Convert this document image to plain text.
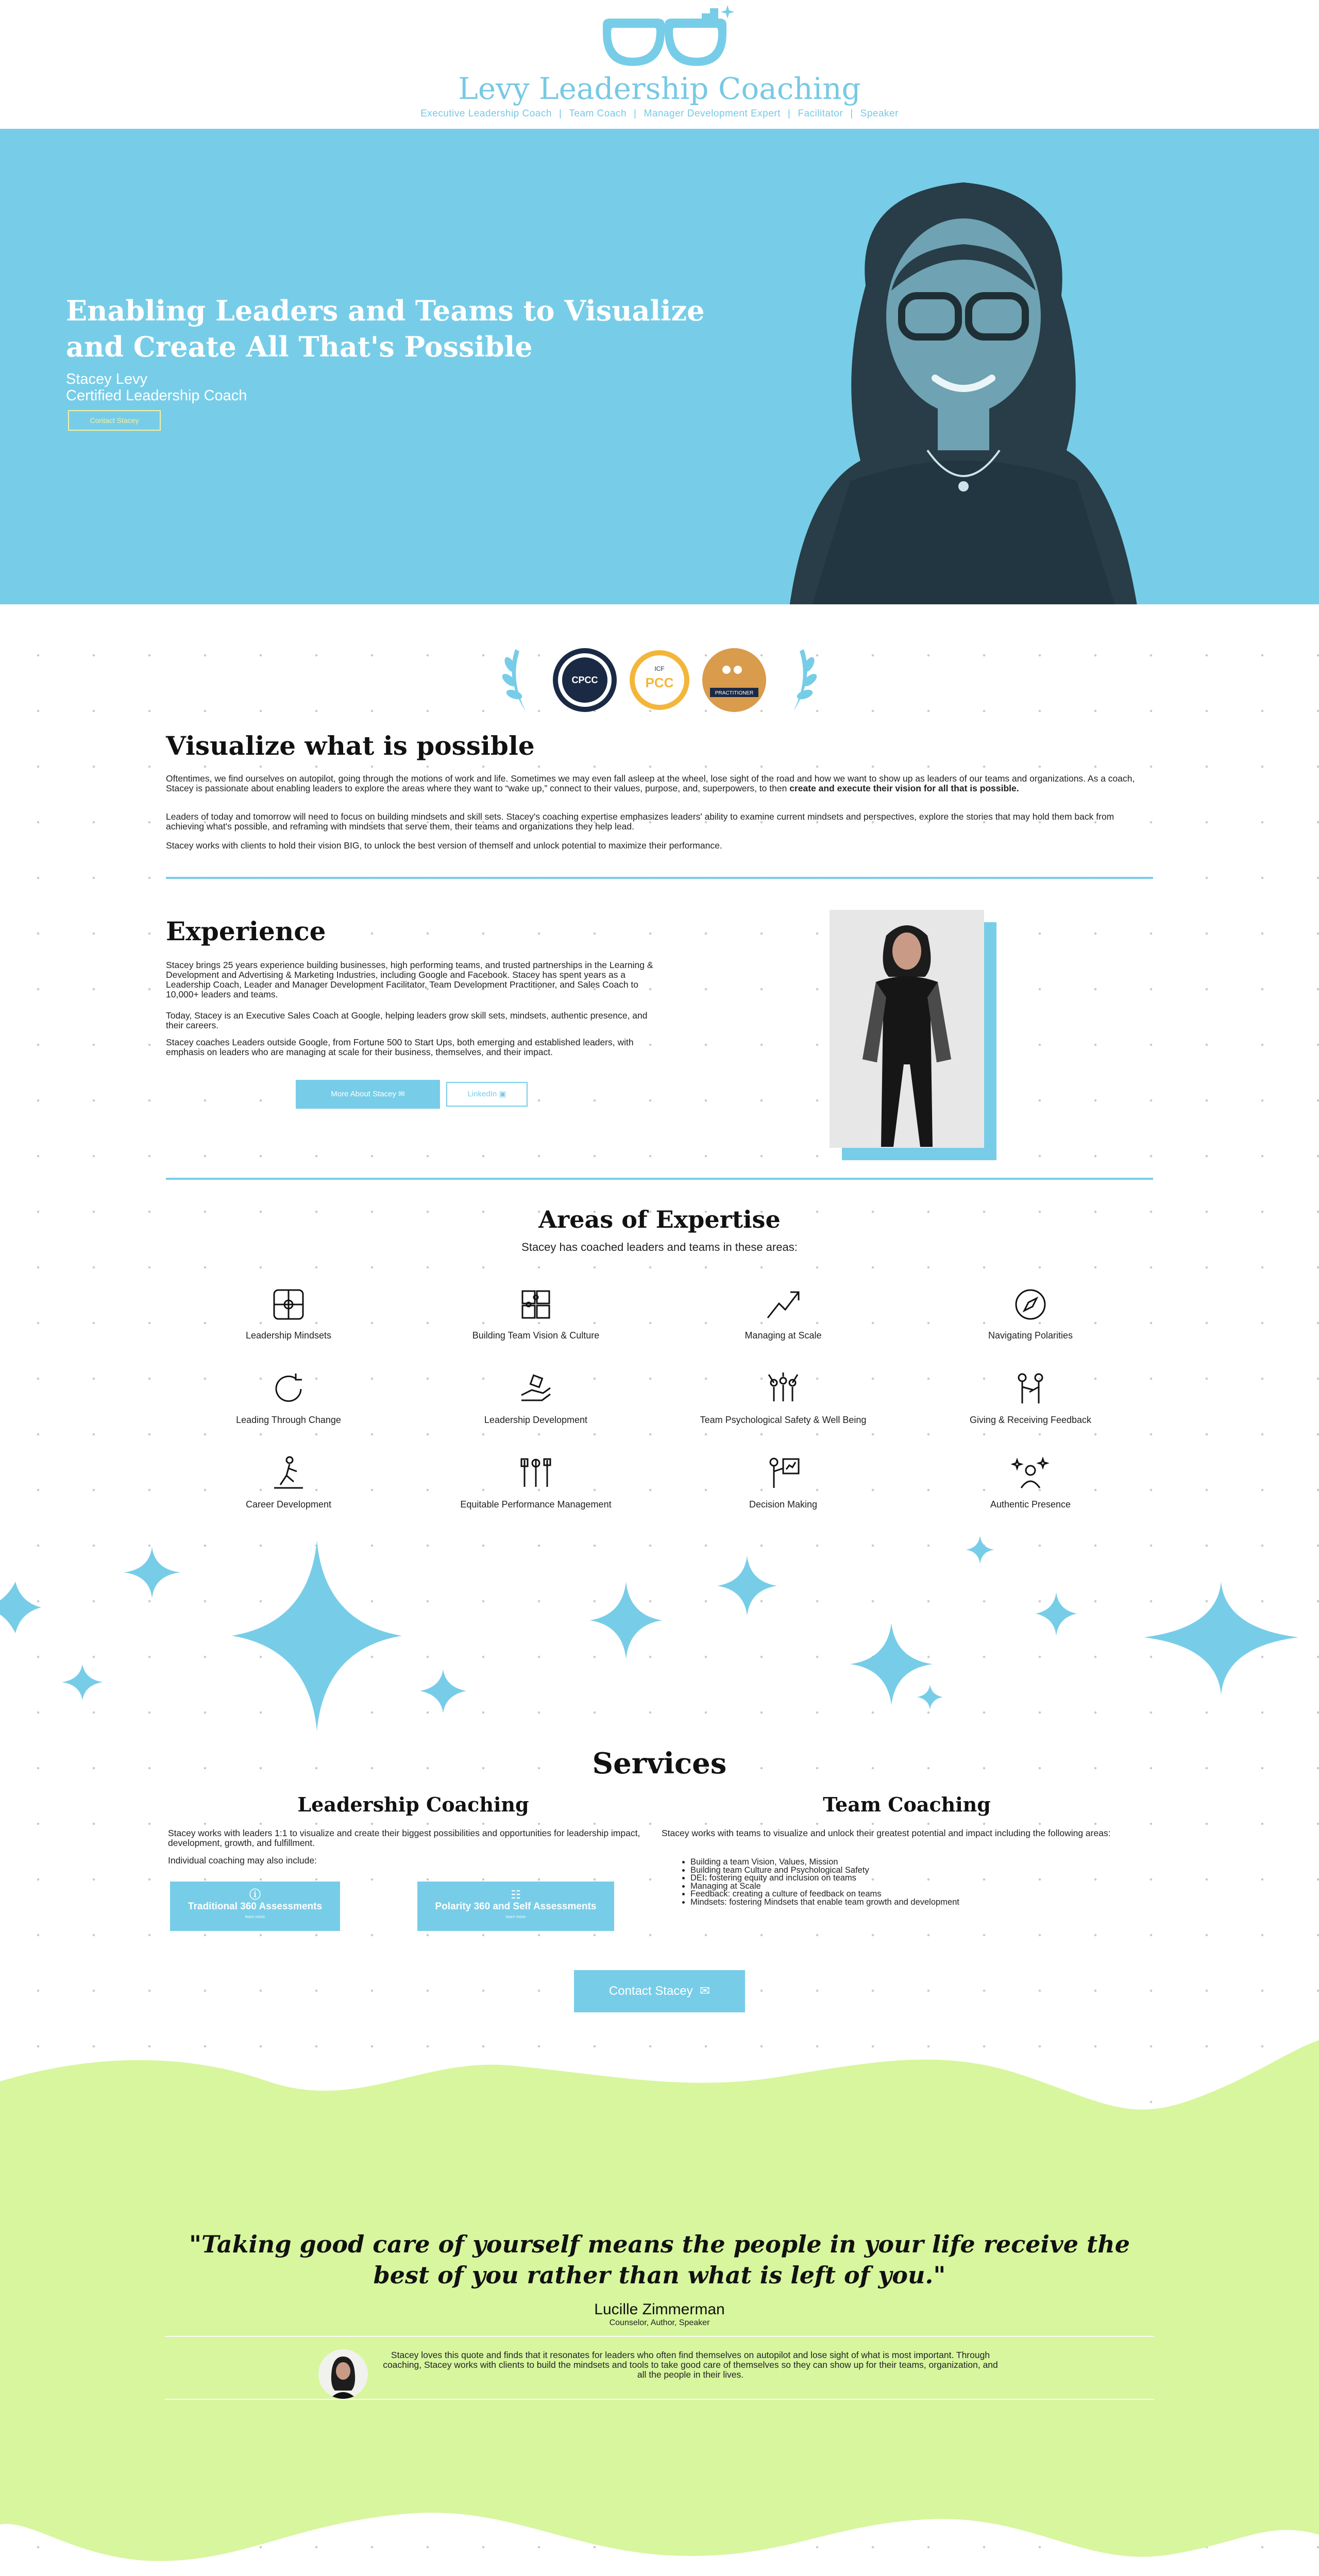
Levy Leadership Coaching
Executive Leadership Coach | Team Coach | Manager Development Expert | Facilitator | Speaker
Enabling Leaders and Teams to Visualize and Create All That's Possible
Stacey Levy
Certified Leadership Coach
Contact Stacey
CPCC
ICF
PCC
PRACTITIONER
Visualize what is possible

Oftentimes, we find ourselves on autopilot, going through the motions of work and life. Sometimes we may even fall asleep at the wheel, lose sight of the road and how we want to show up as leaders of our teams and organizations. As a coach, Stacey is passionate about enabling leaders to explore the areas where they want to “wake up,” connect to their values, purpose, and, superpowers, to then create and execute their vision for all that is possible.

Leaders of today and tomorrow will need to focus on building mindsets and skill sets. Stacey's coaching expertise emphasizes leaders' ability to examine current mindsets and perspectives, explore the stories that may hold them back from achieving what's possible, and reframing with mindsets that serve them, their teams and organizations they help lead.

Stacey works with clients to hold their vision BIG, to unlock the best version of themself and unlock potential to maximize their performance.

Experience

Stacey brings 25 years experience building businesses, high performing teams, and trusted partnerships in the Learning & Development and Advertising & Marketing Industries, including Google and Facebook. Stacey has spent years as a Leadership Coach, Leader and Manager Development Facilitator, Team Development Practitioner, and Sales Coach to 10,000+ leaders and teams.

Today, Stacey is an Executive Sales Coach at Google, helping leaders grow skill sets, mindsets, authentic presence, and their careers.

Stacey coaches Leaders outside Google, from Fortune 500 to Start Ups, both emerging and established leaders, with emphasis on leaders who are managing at scale for their business, themselves, and their impact.

More About Stacey ✉	LinkedIn ▣
Areas of Expertise
Stacey has coached leaders and teams in these areas:
Leadership Mindsets	Building Team Vision & Culture	Managing at Scale	Navigating Polarities
Leading Through Change	Leadership Development	Team Psychological Safety & Well Being	Giving & Receiving Feedback
Career Development	Equitable Performance Management	Decision Making	Authentic Presence
Services
Leadership Coaching

Stacey works with leaders 1:1 to visualize and create their biggest possibilities and opportunities for leadership impact, development, growth, and fulfillment.

Individual coaching may also include:

ⓘ
Traditional 360 Assessments
learn more
☷
Polarity 360 and Self Assessments
learn more
Team Coaching

Stacey works with teams to visualize and unlock their greatest potential and impact including the following areas:

• Building a team Vision, Values, Mission
• Building team Culture and Psychological Safety
• DEI: fostering equity and inclusion on teams
• Managing at Scale
• Feedback: creating a culture of feedback on teams
• Mindsets: fostering Mindsets that enable team growth and development
Contact Stacey ✉
"Taking good care of yourself means the people in your life receive the best of you rather than what is left of you."
Lucille Zimmerman
Counselor, Author, Speaker

Stacey loves this quote and finds that it resonates for leaders who often find themselves on autopilot and lose sight of what is most important. Through coaching, Stacey works with clients to build the mindsets and tools to take good care of themselves so they can show up for their teams, organization, and all the people in their lives.
